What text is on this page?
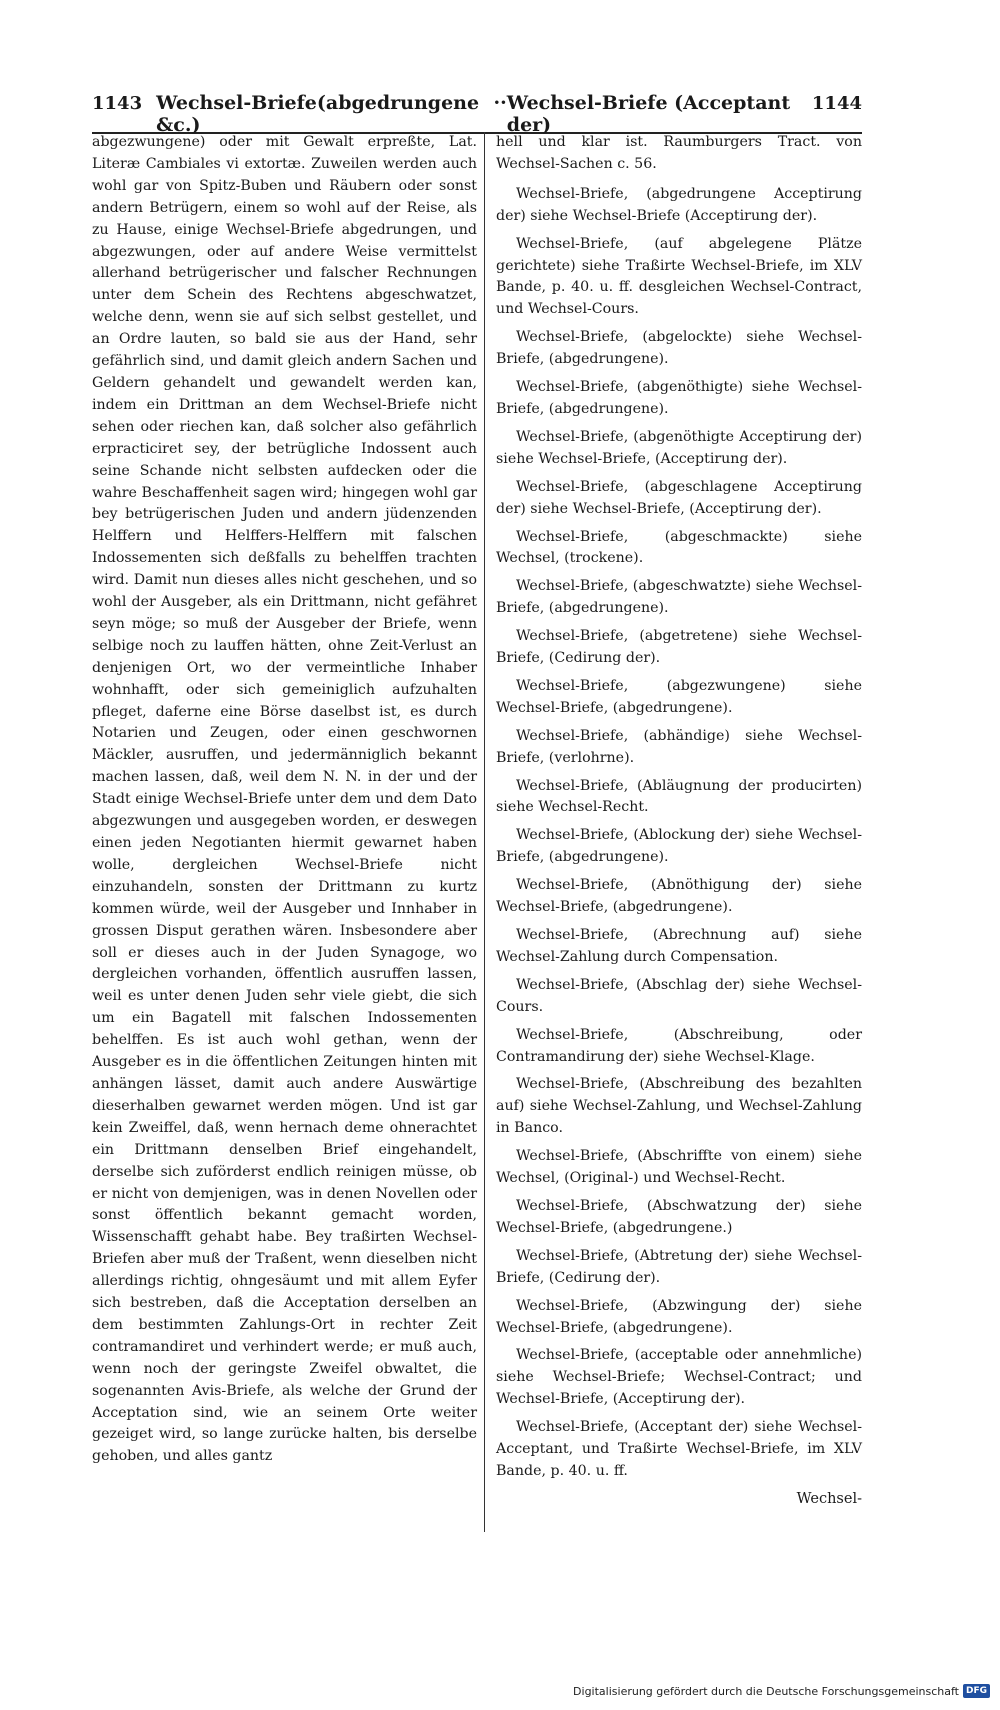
1143 Wechsel-Briefe(abgedrungene &c.)
·· Wechsel-Briefe (Acceptant der)
1144

abgezwungene) oder mit Gewalt erpreßte, Lat. Literæ Cambiales vi extortæ. Zuweilen werden auch wohl gar von Spitz-Buben und Räubern oder sonst andern Betrügern, einem so wohl auf der Reise, als zu Hause, einige Wechsel-Briefe abgedrungen, und abgezwungen, oder auf andere Weise vermittelst allerhand betrügerischer und falscher Rechnungen unter dem Schein des Rechtens abgeschwatzet, welche denn, wenn sie auf sich selbst gestellet, und an Ordre lauten, so bald sie aus der Hand, sehr gefährlich sind, und damit gleich andern Sachen und Geldern gehandelt und gewandelt werden kan, indem ein Drittman an dem Wechsel-Briefe nicht sehen oder riechen kan, daß solcher also gefährlich erpracticiret sey, der betrügliche Indossent auch seine Schande nicht selbsten aufdecken oder die wahre Beschaffenheit sagen wird; hingegen wohl gar bey betrügerischen Juden und andern jüdenzenden Helffern und Helffers-Helffern mit falschen Indossementen sich deßfalls zu behelffen trachten wird. Damit nun dieses alles nicht geschehen, und so wohl der Ausgeber, als ein Drittmann, nicht gefähret seyn möge; so muß der Ausgeber der Briefe, wenn selbige noch zu lauffen hätten, ohne Zeit-Verlust an denjenigen Ort, wo der vermeintliche Inhaber wohnhafft, oder sich gemeiniglich aufzuhalten pfleget, daferne eine Börse daselbst ist, es durch Notarien und Zeugen, oder einen geschwornen Mäckler, ausruffen, und jedermänniglich bekannt machen lassen, daß, weil dem N. N. in der und der Stadt einige Wechsel-Briefe unter dem und dem Dato abgezwungen und ausgegeben worden, er deswegen einen jeden Negotianten hiermit gewarnet haben wolle, dergleichen Wechsel-Briefe nicht einzuhandeln, sonsten der Drittmann zu kurtz kommen würde, weil der Ausgeber und Innhaber in grossen Disput gerathen wären. Insbesondere aber soll er dieses auch in der Juden Synagoge, wo dergleichen vorhanden, öffentlich ausruffen lassen, weil es unter denen Juden sehr viele giebt, die sich um ein Bagatell mit falschen Indossementen behelffen. Es ist auch wohl gethan, wenn der Ausgeber es in die öffentlichen Zeitungen hinten mit anhängen lässet, damit auch andere Auswärtige dieserhalben gewarnet werden mögen. Und ist gar kein Zweiffel, daß, wenn hernach deme ohnerachtet ein Drittmann denselben Brief eingehandelt, derselbe sich zuförderst endlich reinigen müsse, ob er nicht von demjenigen, was in denen Novellen oder sonst öffentlich bekannt gemacht worden, Wissenschafft gehabt habe. Bey traßirten Wechsel-Briefen aber muß der Traßent, wenn dieselben nicht allerdings richtig, ohngesäumt und mit allem Eyfer sich bestreben, daß die Acceptation derselben an dem bestimmten Zahlungs-Ort in rechter Zeit contramandiret und verhindert werde; er muß auch, wenn noch der geringste Zweifel obwaltet, die sogenannten Avis-Briefe, als welche der Grund der Acceptation sind, wie an seinem Orte weiter gezeiget wird, so lange zurücke halten, bis derselbe gehoben, und alles gantz

hell und klar ist. Raumburgers Tract. von Wechsel-Sachen c. 56.

Wechsel-Briefe, (abgedrungene Acceptirung der) siehe Wechsel-Briefe (Acceptirung der).

Wechsel-Briefe, (auf abgelegene Plätze gerichtete) siehe Traßirte Wechsel-Briefe, im XLV Bande, p. 40. u. ff. desgleichen Wechsel-Contract, und Wechsel-Cours.

Wechsel-Briefe, (abgelockte) siehe Wechsel-Briefe, (abgedrungene).

Wechsel-Briefe, (abgenöthigte) siehe Wechsel-Briefe, (abgedrungene).

Wechsel-Briefe, (abgenöthigte Acceptirung der) siehe Wechsel-Briefe, (Acceptirung der).

Wechsel-Briefe, (abgeschlagene Acceptirung der) siehe Wechsel-Briefe, (Acceptirung der).

Wechsel-Briefe, (abgeschmackte) siehe Wechsel, (trockene).

Wechsel-Briefe, (abgeschwatzte) siehe Wechsel-Briefe, (abgedrungene).

Wechsel-Briefe, (abgetretene) siehe Wechsel-Briefe, (Cedirung der).

Wechsel-Briefe, (abgezwungene) siehe Wechsel-Briefe, (abgedrungene).

Wechsel-Briefe, (abhändige) siehe Wechsel-Briefe, (verlohrne).

Wechsel-Briefe, (Abläugnung der producirten) siehe Wechsel-Recht.

Wechsel-Briefe, (Ablockung der) siehe Wechsel-Briefe, (abgedrungene).

Wechsel-Briefe, (Abnöthigung der) siehe Wechsel-Briefe, (abgedrungene).

Wechsel-Briefe, (Abrechnung auf) siehe Wechsel-Zahlung durch Compensation.

Wechsel-Briefe, (Abschlag der) siehe Wechsel-Cours.

Wechsel-Briefe, (Abschreibung, oder Contramandirung der) siehe Wechsel-Klage.

Wechsel-Briefe, (Abschreibung des bezahlten auf) siehe Wechsel-Zahlung, und Wechsel-Zahlung in Banco.

Wechsel-Briefe, (Abschriffte von einem) siehe Wechsel, (Original-) und Wechsel-Recht.

Wechsel-Briefe, (Abschwatzung der) siehe Wechsel-Briefe, (abgedrungene.)

Wechsel-Briefe, (Abtretung der) siehe Wechsel-Briefe, (Cedirung der).

Wechsel-Briefe, (Abzwingung der) siehe Wechsel-Briefe, (abgedrungene).

Wechsel-Briefe, (acceptable oder annehmliche) siehe Wechsel-Briefe; Wechsel-Contract; und Wechsel-Briefe, (Acceptirung der).

Wechsel-Briefe, (Acceptant der) siehe Wechsel-Acceptant, und Traßirte Wechsel-Briefe, im XLV Bande, p. 40. u. ff.

Wechsel-
Digitalisierung gefördert durch die Deutsche Forschungsgemeinschaft DFG
